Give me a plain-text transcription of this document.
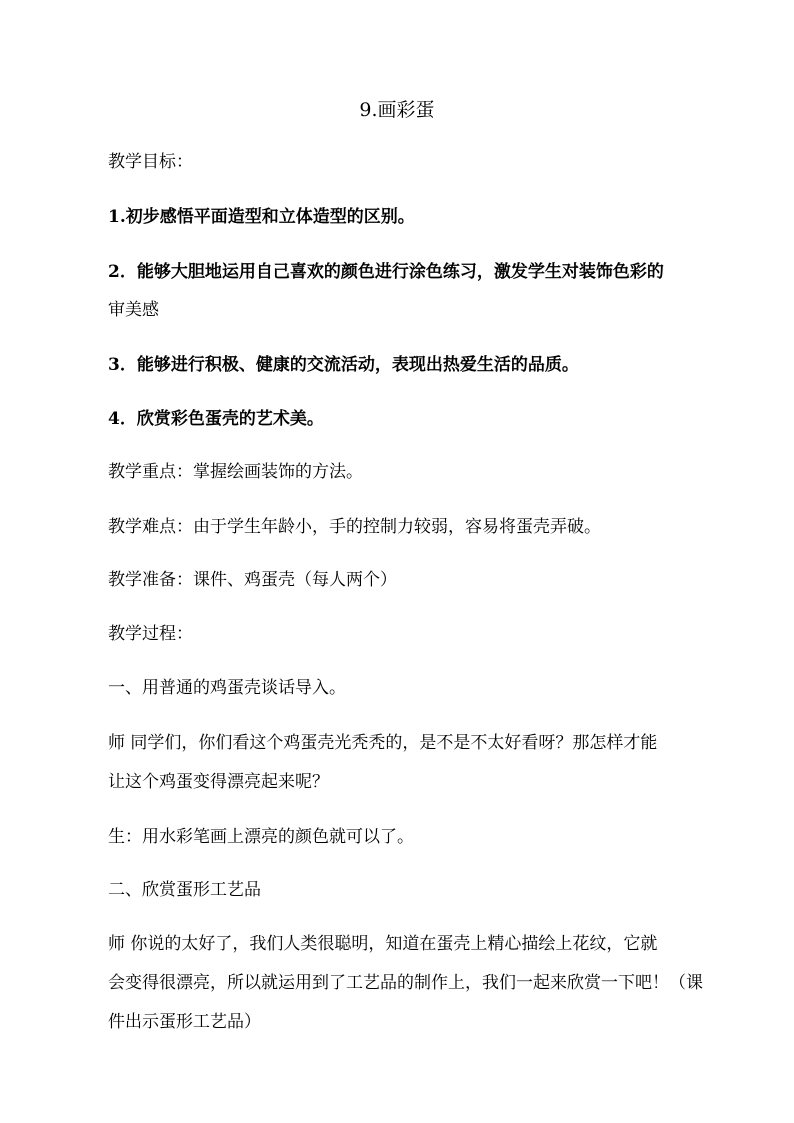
9.画彩蛋
教学目标：
1.初步感悟平面造型和立体造型的区别。
2．能够大胆地运用自己喜欢的颜色进行涂色练习，激发学生对装饰色彩的
审美感
3．能够进行积极、健康的交流活动，表现出热爱生活的品质。
4．欣赏彩色蛋壳的艺术美。
教学重点：掌握绘画装饰的方法。
教学难点：由于学生年龄小，手的控制力较弱，容易将蛋壳弄破。
教学准备：课件、鸡蛋壳（每人两个）
教学过程：
一、用普通的鸡蛋壳谈话导入。
师 同学们，你们看这个鸡蛋壳光秃秃的，是不是不太好看呀？那怎样才能
让这个鸡蛋变得漂亮起来呢？
生：用水彩笔画上漂亮的颜色就可以了。
二、欣赏蛋形工艺品
师 你说的太好了，我们人类很聪明，知道在蛋壳上精心描绘上花纹，它就
会变得很漂亮，所以就运用到了工艺品的制作上，我们一起来欣赏一下吧！（课
件出示蛋形工艺品）
